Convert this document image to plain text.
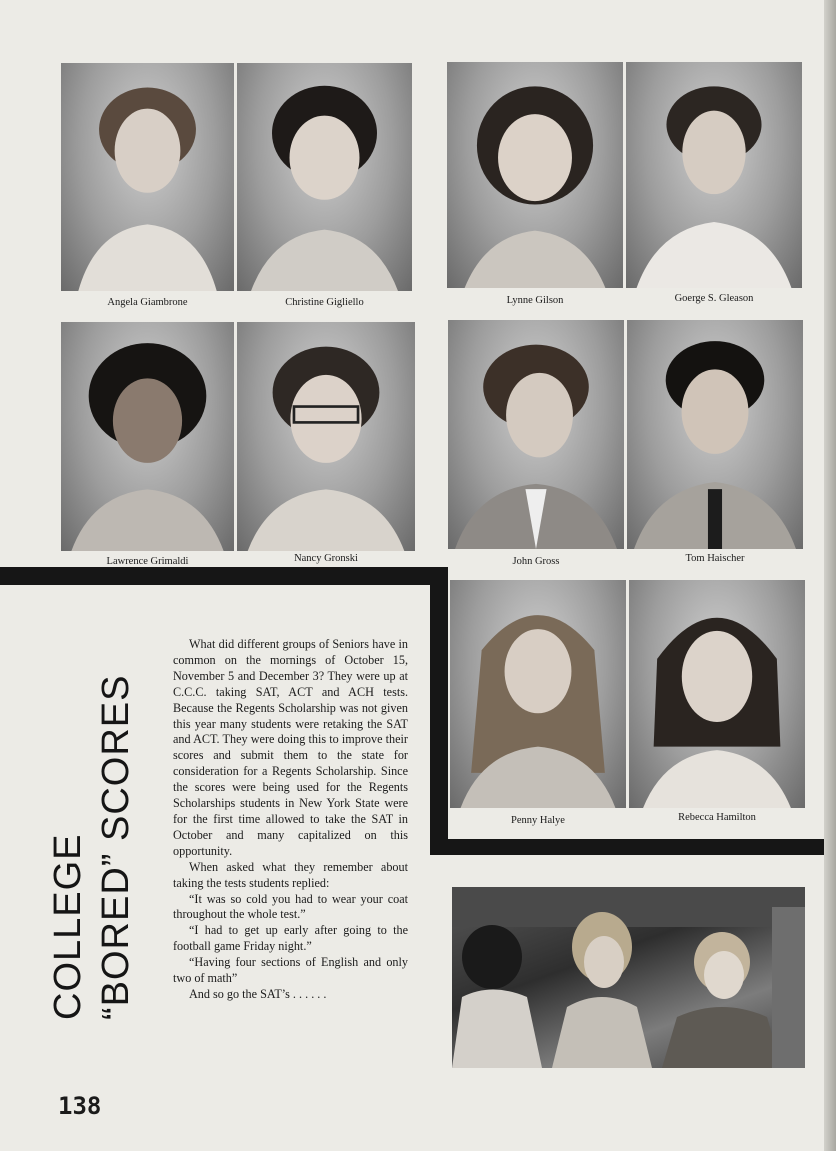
Angela Giambrone	Christine Gigliello	Lynne Gilson	Goerge S. Gleason
Lawrence Grimaldi	Nancy Gronski	John Gross	Tom Haischer
Penny Halye	Rebecca Hamilton
COLLEGE “BORED” SCORES

What did different groups of Seniors have in common on the mornings of October 15, November 5 and December 3? They were up at C.C.C. taking SAT, ACT and ACH tests. Because the Regents Scholarship was not given this year many students were retaking the SAT and ACT. They were doing this to improve their scores and submit them to the state for consideration for a Regents Scholarship. Since the scores were being used for the Regents Scholarships students in New York State were for the first time allowed to take the SAT in October and many capitalized on this opportunity.

When asked what they remember about taking the tests students replied:

“It was so cold you had to wear your coat throughout the whole test.”

“I had to get up early after going to the football game Friday night.”

“Having four sections of English and only two of math”

And so go the SAT’s . . . . . .

138
